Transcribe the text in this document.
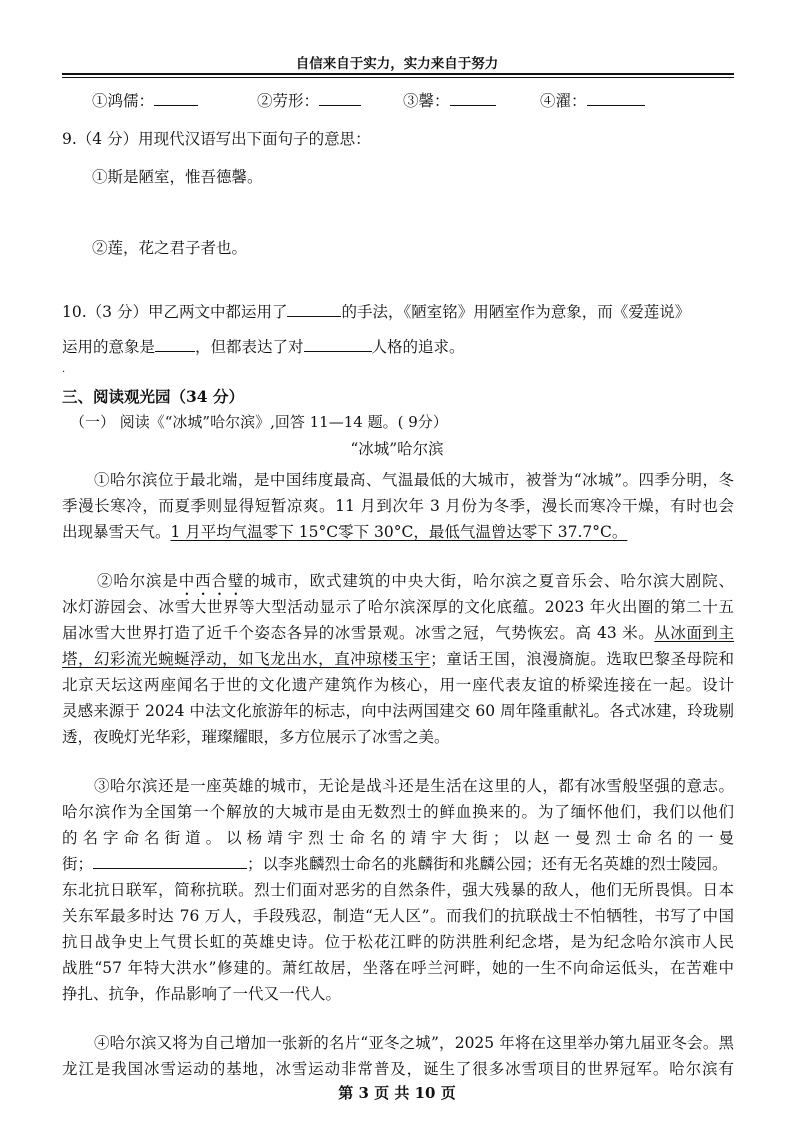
自信来自于实力，实力来自于努力
①鸿儒：	②劳形：	③馨：	④濯：
9.（4 分）用现代汉语写出下面句子的意思：
①斯是陋室，惟吾德馨。
②莲，花之君子者也。
10.（3 分）甲乙两文中都运用了	的手法，《陋室铭》用陋室作为意象，而《爱莲说》
运用的意象是	，但都表达了对	人格的追求。
.
三、阅读观光园（34 分）
（一） 阅读《“冰城”哈尔滨》,回答 11—14 题。( 9分）
“冰城”哈尔滨
①哈尔滨位于最北端，是中国纬度最高、气温最低的大城市，被誉为“冰城”。四季分明，冬
季漫长寒冷，而夏季则显得短暂凉爽。11 月到次年 3 月份为冬季，漫长而寒冷干燥，有时也会
出现暴雪天气。1 月平均气温零下 15°C零下 30°C，最低气温曾达零下 37.7°C。
②哈尔滨是中西合璧的城市，欧式建筑的中央大街，哈尔滨之夏音乐会、哈尔滨大剧院、
冰灯游园会、冰雪大世界等大型活动显示了哈尔滨深厚的文化底蕴。2023 年火出圈的第二十五
届冰雪大世界打造了近千个姿态各异的冰雪景观。冰雪之冠，气势恢宏。高 43 米。从冰面到主
塔，幻彩流光蜿蜒浮动，如飞龙出水，直冲琼楼玉宇；童话王国，浪漫旖旎。选取巴黎圣母院和
北京天坛这两座闻名于世的文化遗产建筑作为核心，用一座代表友谊的桥梁连接在一起。设计
灵感来源于 2024 中法文化旅游年的标志，向中法两国建交 60 周年隆重献礼。各式冰建，玲珑剔
透，夜晚灯光华彩，璀璨耀眼，多方位展示了冰雪之美。
③哈尔滨还是一座英雄的城市，无论是战斗还是生活在这里的人，都有冰雪般坚强的意志。
哈尔滨作为全国第一个解放的大城市是由无数烈士的鲜血换来的。为了缅怀他们，我们以他们
的名字命名街道。以杨靖宇烈士命名的靖宇大街；以赵一曼烈士命名的一曼
街；	；以李兆麟烈士命名的兆麟街和兆麟公园；还有无名英雄的烈士陵园。
东北抗日联军，简称抗联。烈士们面对恶劣的自然条件，强大残暴的敌人，他们无所畏惧。日本
关东军最多时达 76 万人，手段残忍，制造“无人区”。而我们的抗联战士不怕牺牲，书写了中国
抗日战争史上气贯长虹的英雄史诗。位于松花江畔的防洪胜利纪念塔，是为纪念哈尔滨市人民
战胜“57 年特大洪水”修建的。萧红故居，坐落在呼兰河畔，她的一生不向命运低头，在苦难中
挣扎、抗争，作品影响了一代又一代人。
④哈尔滨又将为自己增加一张新的名片“亚冬之城”，2025 年将在这里举办第九届亚冬会。黑
龙江是我国冰雪运动的基地，冰雪运动非常普及，诞生了很多冰雪项目的世界冠军。哈尔滨有
第 3 页 共 10 页
